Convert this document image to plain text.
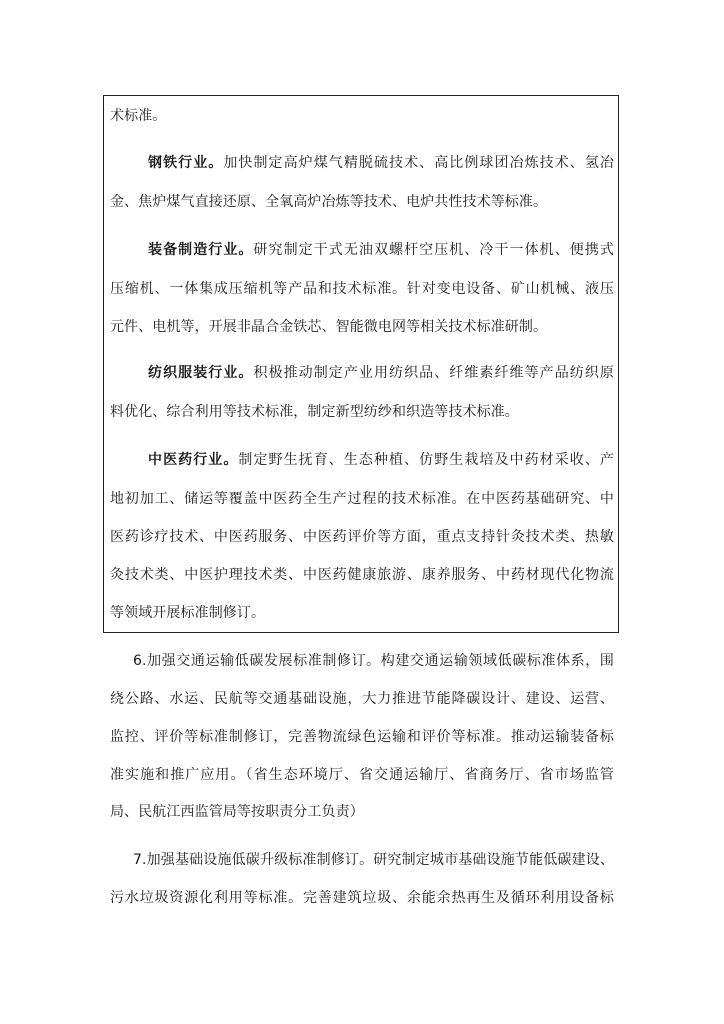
术标准。
钢铁行业。加快制定高炉煤气精脱硫技术、高比例球团冶炼技术、氢冶
金、焦炉煤气直接还原、全氧高炉冶炼等技术、电炉共性技术等标准。
装备制造行业。研究制定干式无油双螺杆空压机、冷干一体机、便携式
压缩机、一体集成压缩机等产品和技术标准。针对变电设备、矿山机械、液压
元件、电机等，开展非晶合金铁芯、智能微电网等相关技术标准研制。
纺织服装行业。积极推动制定产业用纺织品、纤维素纤维等产品纺织原
料优化、综合利用等技术标准，制定新型纺纱和织造等技术标准。
中医药行业。制定野生抚育、生态种植、仿野生栽培及中药材采收、产
地初加工、储运等覆盖中医药全生产过程的技术标准。在中医药基础研究、中
医药诊疗技术、中医药服务、中医药评价等方面，重点支持针灸技术类、热敏
灸技术类、中医护理技术类、中医药健康旅游、康养服务、中药材现代化物流
等领域开展标准制修订。
6.加强交通运输低碳发展标准制修订。构建交通运输领域低碳标准体系，围
绕公路、水运、民航等交通基础设施，大力推进节能降碳设计、建设、运营、
监控、评价等标准制修订，完善物流绿色运输和评价等标准。推动运输装备标
准实施和推广应用。（省生态环境厅、省交通运输厅、省商务厅、省市场监管
局、民航江西监管局等按职责分工负责）
7.加强基础设施低碳升级标准制修订。研究制定城市基础设施节能低碳建设、
污水垃圾资源化利用等标准。完善建筑垃圾、余能余热再生及循环利用设备标
